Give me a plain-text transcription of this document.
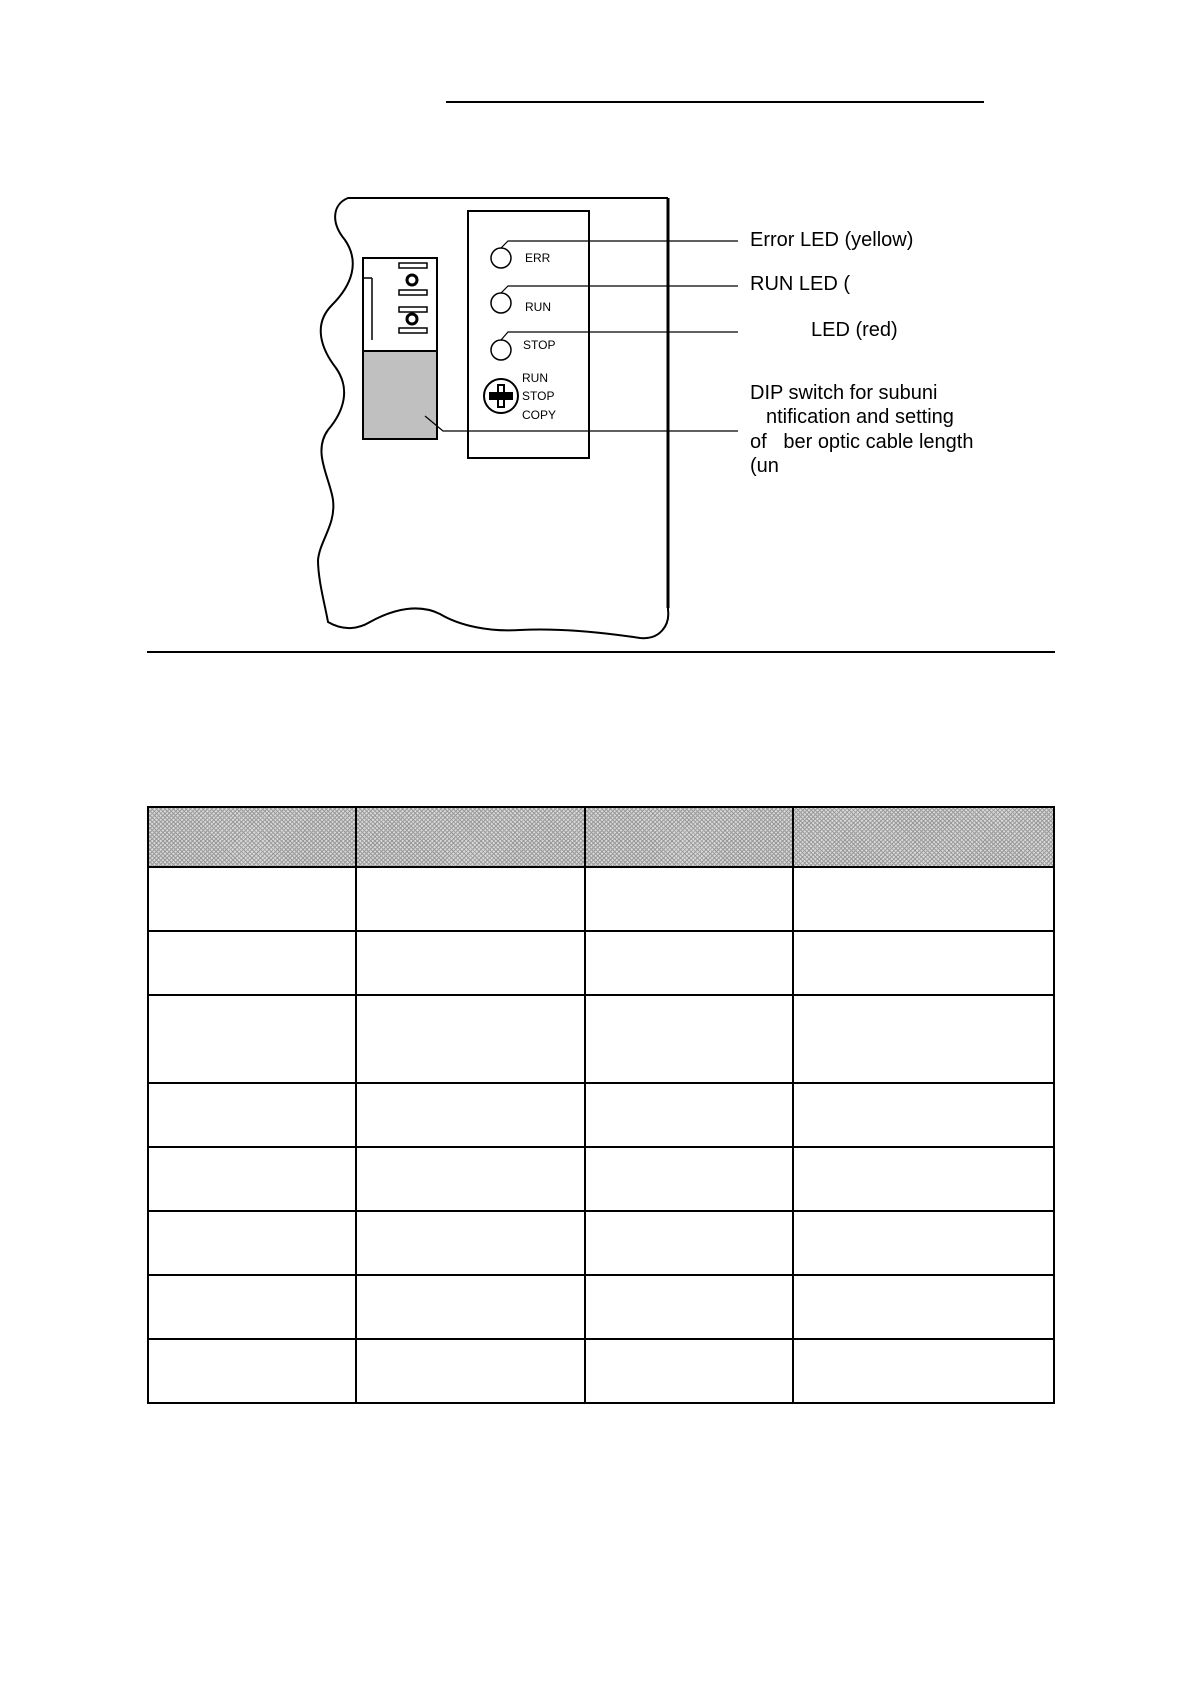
ERR
RUN
STOP
RUN
STOP
COPY
Error LED (yellow)
RUN LED (
LED (red)
DIP switch for subuni
ntification and setting
of   ber optic cable length
(un
